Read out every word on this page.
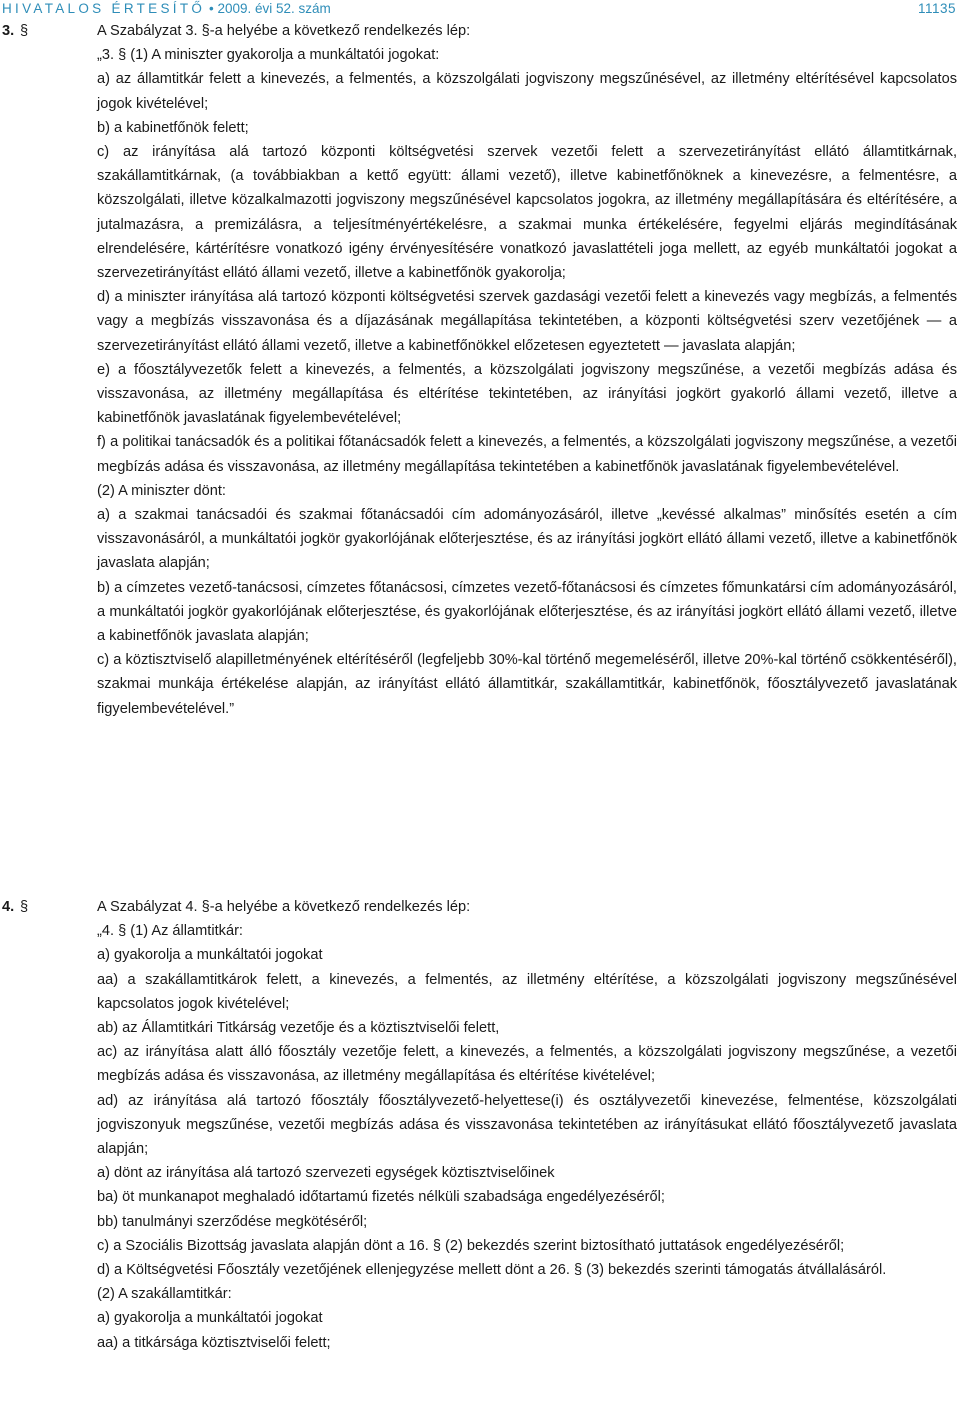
HIVATALOS ÉRTESÍTŐ • 2009. évi 52. szám	11135
3. §	A Szabályzat 3. §-a helyébe a következő rendelkezés lép:

„3. § (1) A miniszter gyakorolja a munkáltatói jogokat:

a) az államtitkár felett a kinevezés, a felmentés, a közszolgálati jogviszony megszűnésével, az illetmény eltérítésével kapcsolatos jogok kivételével;

b) a kabinetfőnök felett;

c) az irányítása alá tartozó központi költségvetési szervek vezetői felett a szervezetirányítást ellátó államtitkárnak, szakállamtitkárnak, (a továbbiakban a kettő együtt: állami vezető), illetve kabinetfőnöknek a kinevezésre, a felmentésre, a közszolgálati, illetve közalkalmazotti jogviszony megszűnésével kapcsolatos jogokra, az illetmény megállapítására és eltérítésére, a jutalmazásra, a premizálásra, a teljesítményértékelésre, a szakmai munka értékelésére, fegyelmi eljárás megindításának elrendelésére, kártérítésre vonatkozó igény érvényesítésére vonatkozó javaslattételi joga mellett, az egyéb munkáltatói jogokat a szervezetirányítást ellátó állami vezető, illetve a kabinetfőnök gyakorolja;

d) a miniszter irányítása alá tartozó központi költségvetési szervek gazdasági vezetői felett a kinevezés vagy megbízás, a felmentés vagy a megbízás visszavonása és a díjazásának megállapítása tekintetében, a központi költségvetési szerv vezetőjének — a szervezetirányítást ellátó állami vezető, illetve a kabinetfőnökkel előzetesen egyeztetett — javaslata alapján;

e) a főosztályvezetők felett a kinevezés, a felmentés, a közszolgálati jogviszony megszűnése, a vezetői megbízás adása és visszavonása, az illetmény megállapítása és eltérítése tekintetében, az irányítási jogkört gyakorló állami vezető, illetve a kabinetfőnök javaslatának figyelembevételével;

f) a politikai tanácsadók és a politikai főtanácsadók felett a kinevezés, a felmentés, a közszolgálati jogviszony megszűnése, a vezetői megbízás adása és visszavonása, az illetmény megállapítása tekintetében a kabinetfőnök javaslatának figyelembevételével.

(2) A miniszter dönt:

a) a szakmai tanácsadói és szakmai főtanácsadói cím adományozásáról, illetve „kevéssé alkalmas” minősítés esetén a cím visszavonásáról, a munkáltatói jogkör gyakorlójának előterjesztése, és az irányítási jogkört ellátó állami vezető, illetve a kabinetfőnök javaslata alapján;

b) a címzetes vezető-tanácsosi, címzetes főtanácsosi, címzetes vezető-főtanácsosi és címzetes főmunkatársi cím adományozásáról, a munkáltatói jogkör gyakorlójának előterjesztése, és gyakorlójának előterjesztése, és az irányítási jogkört ellátó állami vezető, illetve a kabinetfőnök javaslata alapján;

c) a köztisztviselő alapilletményének eltérítéséről (legfeljebb 30%-kal történő megemeléséről, illetve 20%-kal történő csökkentéséről), szakmai munkája értékelése alapján, az irányítást ellátó államtitkár, szakállamtitkár, kabinetfőnök, főosztályvezető javaslatának figyelembevételével.”

4. §	A Szabályzat 4. §-a helyébe a következő rendelkezés lép:

„4. § (1) Az államtitkár:

a) gyakorolja a munkáltatói jogokat

aa) a szakállamtitkárok felett, a kinevezés, a felmentés, az illetmény eltérítése, a közszolgálati jogviszony megszűnésével kapcsolatos jogok kivételével;

ab) az Államtitkári Titkárság vezetője és a köztisztviselői felett,

ac) az irányítása alatt álló főosztály vezetője felett, a kinevezés, a felmentés, a közszolgálati jogviszony megszűnése, a vezetői megbízás adása és visszavonása, az illetmény megállapítása és eltérítése kivételével;

ad) az irányítása alá tartozó főosztály főosztályvezető-helyettese(i) és osztályvezetői kinevezése, felmentése, közszolgálati jogviszonyuk megszűnése, vezetői megbízás adása és visszavonása tekintetében az irányításukat ellátó főosztályvezető javaslata alapján;

a) dönt az irányítása alá tartozó szervezeti egységek köztisztviselőinek

ba) öt munkanapot meghaladó időtartamú fizetés nélküli szabadsága engedélyezéséről;

bb) tanulmányi szerződése megkötéséről;

c) a Szociális Bizottság javaslata alapján dönt a 16. § (2) bekezdés szerint biztosítható juttatások engedélyezéséről;

d) a Költségvetési Főosztály vezetőjének ellenjegyzése mellett dönt a 26. § (3) bekezdés szerinti támogatás átvállalásáról.

(2) A szakállamtitkár:

a) gyakorolja a munkáltatói jogokat

aa) a titkársága köztisztviselői felett;
